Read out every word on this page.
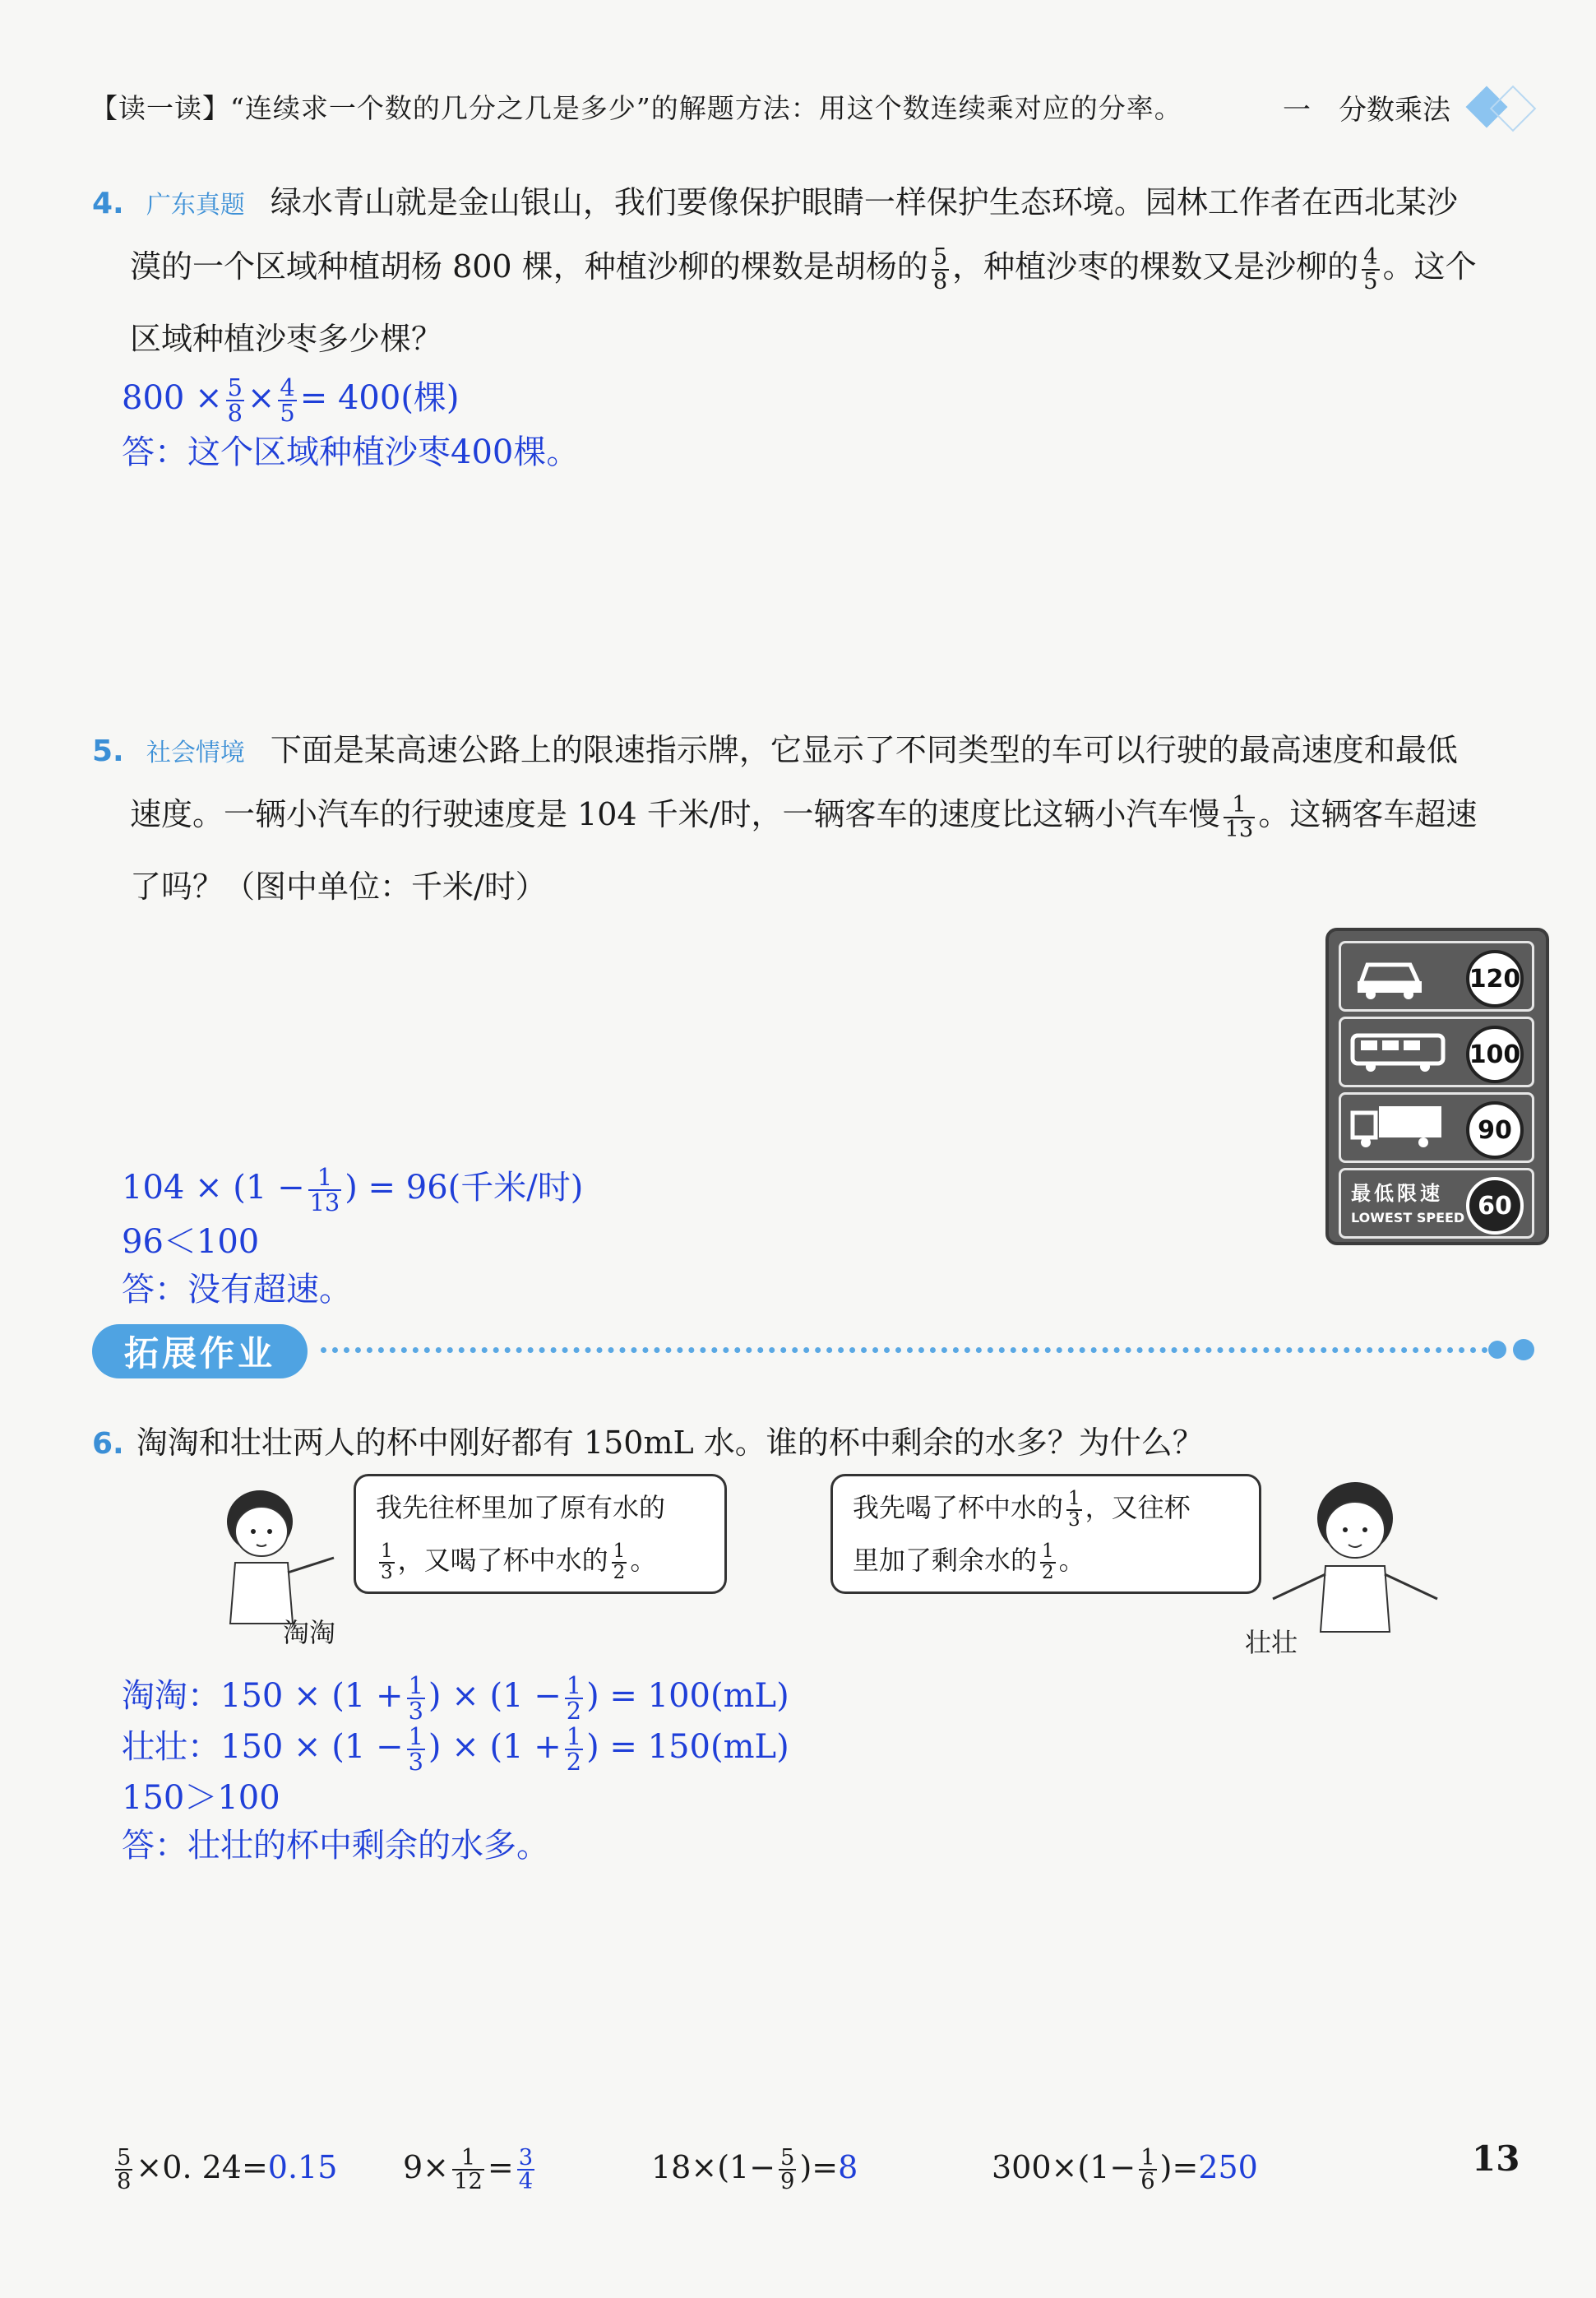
【读一读】“连续求一个数的几分之几是多少”的解题方法：用这个数连续乘对应的分率。	一　分数乘法
4. 广东真题 绿水青山就是金山银山，我们要像保护眼睛一样保护生态环境。园林工作者在西北某沙
漠的一个区域种植胡杨 800 棵，种植沙柳的棵数是胡杨的 $\frac{5}{8}$ ，种植沙枣的棵数又是沙柳的 $\frac{4}{5}$ 。这个
区域种植沙枣多少棵？
$800 \times \frac{5}{8} \times \frac{4}{5} = 400$(棵)
答：这个区域种植沙枣400棵。
5. 社会情境 下面是某高速公路上的限速指示牌，它显示了不同类型的车可以行驶的最高速度和最低
速度。一辆小汽车的行驶速度是 104 千米/时，一辆客车的速度比这辆小汽车慢 $\frac{1}{13}$ 。这辆客车超速
了吗？（图中单位：千米/时）
120
100
90
最低限速
LOWEST SPEED 60
$104 \times (1 - \frac{1}{13}$ ) = 96(千米/时)
96＜100
答：没有超速。
拓展作业
6. 淘淘和壮壮两人的杯中刚好都有 150mL 水。谁的杯中剩余的水多？为什么？
淘淘
我先往杯里加了原有水的

$\frac{1}{3}$ ，又喝了杯中水的 $\frac{1}{2}$ 。
我先喝了杯中水的 $\frac{1}{3}$ ，又往杯
里加了剩余水的 $\frac{1}{2}$ 。
壮壮
淘淘：$150 \times (1 + \frac{1}{3}$ ) × ($1 - \frac{1}{2}$ ) = 100(mL)
壮壮：$150 \times (1 - \frac{1}{3}$ ) × ($1 + \frac{1}{2}$ ) = 150(mL)
150＞100
答：壮壮的杯中剩余的水多。
$\frac{5}{8} \times 0$. 24=0.15 $9\times \frac{1}{12} = \frac{3}{4}$	$18\times(1- \frac{5}{9} )=8$	$300\times(1- \frac{1}{6} )=250$	13
